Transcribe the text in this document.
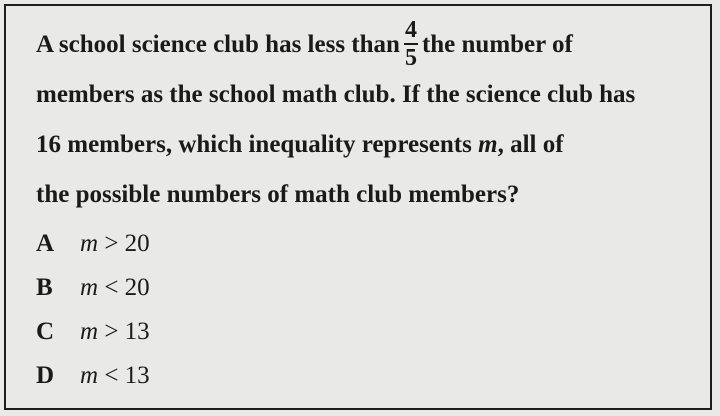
A school science club has less than $\frac{4}{5}$ the number of
members as the school math club. If the science club has
16 members, which inequality represents m, all of
the possible numbers of math club members?
A m > 20
B m < 20
C m > 13
D m < 13
